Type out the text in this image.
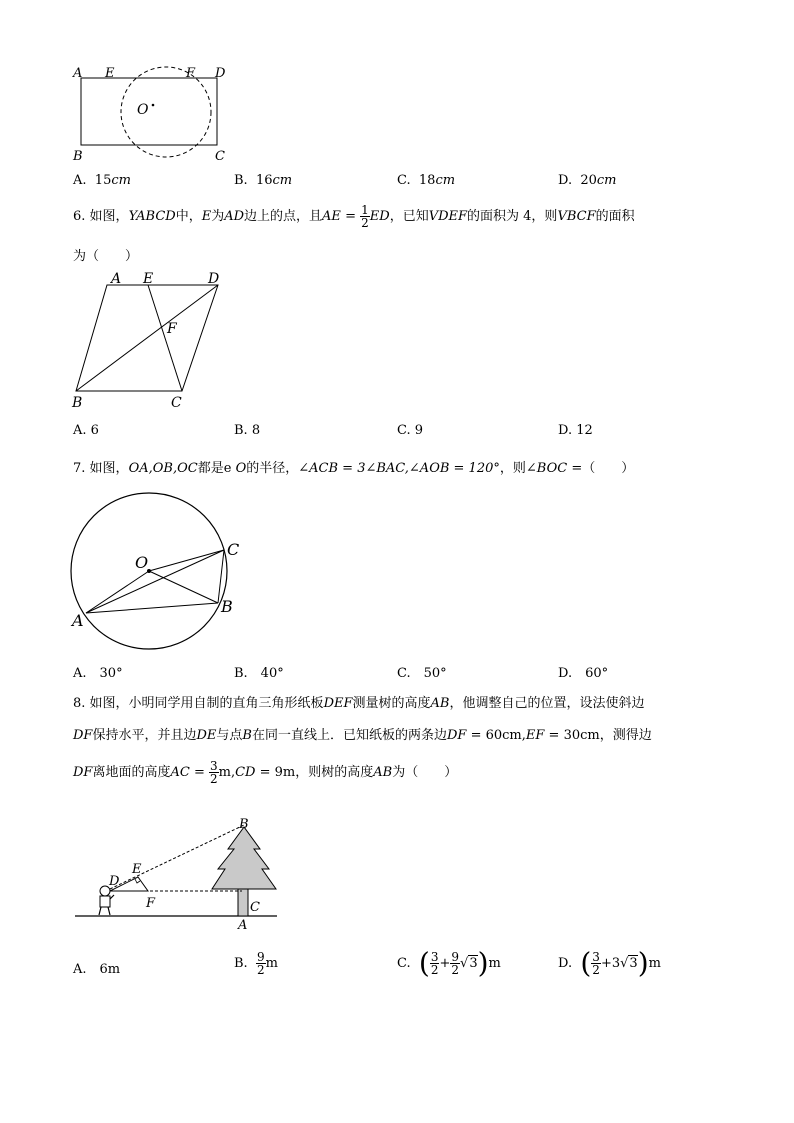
A E	F D
O
B	C
A. 15cm	B. 16cm	C. 18cm	D. 20cm
6. 如图，YABCD中，E为AD边上的点，且AE = $\frac{1}{2}$ ED，已知VDEF的面积为 4，则VBCF的面积
为（　　）
A E	D
F
B	C
A. 6	B. 8	C. 9	D. 12
7. 如图，OA,OB,OC都是e O的半径，∠ACB = 3∠BAC,∠AOB = 120°，则∠BOC =（　　）
O
C
B
A
A.　30°	B.　40°	C.　50°	D.　60°
8. 如图，小明同学用自制的直角三角形纸板DEF测量树的高度AB，他调整自己的位置，设法使斜边
DF保持水平，并且边DE与点B在同一直线上．已知纸板的两条边DF = 60cm,EF = 30cm，测得边
DF离地面的高度AC = $\frac{3}{2} m,CD = 9m$，则树的高度AB为（　　）
B
E
D
F	C
A
A.　6m	B. $\frac{9}{2}$ m	C. ( $\frac{3}{2} + \frac{9}{2} √3)m$	D. ( $\frac{3}{2} +3√3)m$
